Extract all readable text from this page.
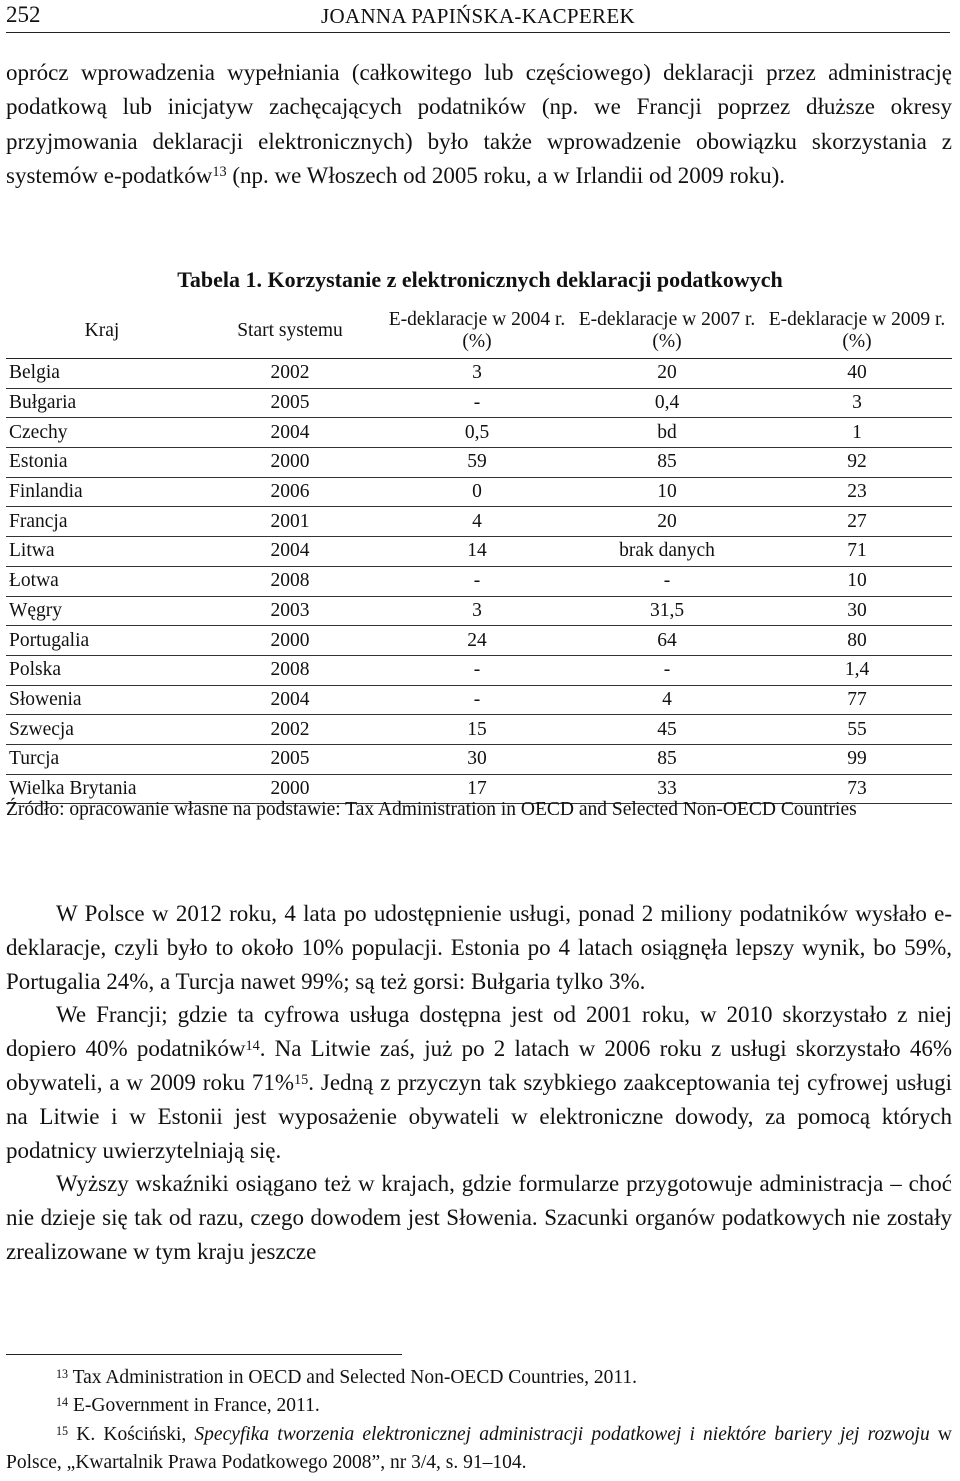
252	JOANNA PAPIŃSKA-KACPEREK

oprócz wprowadzenia wypełniania (całkowitego lub częściowego) deklaracji przez administrację podatkową lub inicjatyw zachęcających podatników (np. we Francji poprzez dłuższe okresy przyjmowania deklaracji elektronicznych) było także wprowadzenie obowiązku skorzystania z systemów e-podatków$^{13}$ (np. we Włoszech od 2005 roku, a w Irlandii od 2009 roku).

Tabela 1. Korzystanie z elektronicznych deklaracji podatkowych
Kraj	Start systemu	E-deklaracje w 2004 r. (%)	E-deklaracje w 2007 r. (%)	E-deklaracje w 2009 r. (%)
Belgia	2002	3	20	40
Bułgaria	2005	-	0,4	3
Czechy	2004	0,5	bd	1
Estonia	2000	59	85	92
Finlandia	2006	0	10	23
Francja	2001	4	20	27
Litwa	2004	14	brak danych	71
Łotwa	2008	-	-	10
Węgry	2003	3	31,5	30
Portugalia	2000	24	64	80
Polska	2008	-	-	1,4
Słowenia	2004	-	4	77
Szwecja	2002	15	45	55
Turcja	2005	30	85	99
Wielka Brytania	2000	17	33	73

Źródło: opracowanie własne na podstawie: Tax Administration in OECD and Selected Non-OECD Countries

W Polsce w 2012 roku, 4 lata po udostępnienie usługi, ponad 2 miliony podatników wysłało e-deklaracje, czyli było to około 10% populacji. Estonia po 4 latach osiągnęła lepszy wynik, bo 59%, Portugalia 24%, a Turcja nawet 99%; są też gorsi: Bułgaria tylko 3%.

We Francji; gdzie ta cyfrowa usługa dostępna jest od 2001 roku, w 2010 skorzystało z niej dopiero 40% podatników$^{14}$. Na Litwie zaś, już po 2 latach w 2006 roku z usługi skorzystało 46% obywateli, a w 2009 roku 71%$^{15}$. Jedną z przyczyn tak szybkiego zaakceptowania tej cyfrowej usługi na Litwie i w Estonii jest wyposażenie obywateli w elektroniczne dowody, za pomocą których podatnicy uwierzytelniają się.

Wyższy wskaźniki osiągano też w krajach, gdzie formularze przygotowuje administracja – choć nie dzieje się tak od razu, czego dowodem jest Słowenia. Szacunki organów podatkowych nie zostały zrealizowane w tym kraju jeszcze

$^{13}$ Tax Administration in OECD and Selected Non-OECD Countries, 2011.

$^{14}$ E-Government in France, 2011.

$^{15}$ K. Kościński, Specyfika tworzenia elektronicznej administracji podatkowej i niektóre bariery jej rozwoju w Polsce, „Kwartalnik Prawa Podatkowego 2008”, nr 3/4, s. 91–104.
